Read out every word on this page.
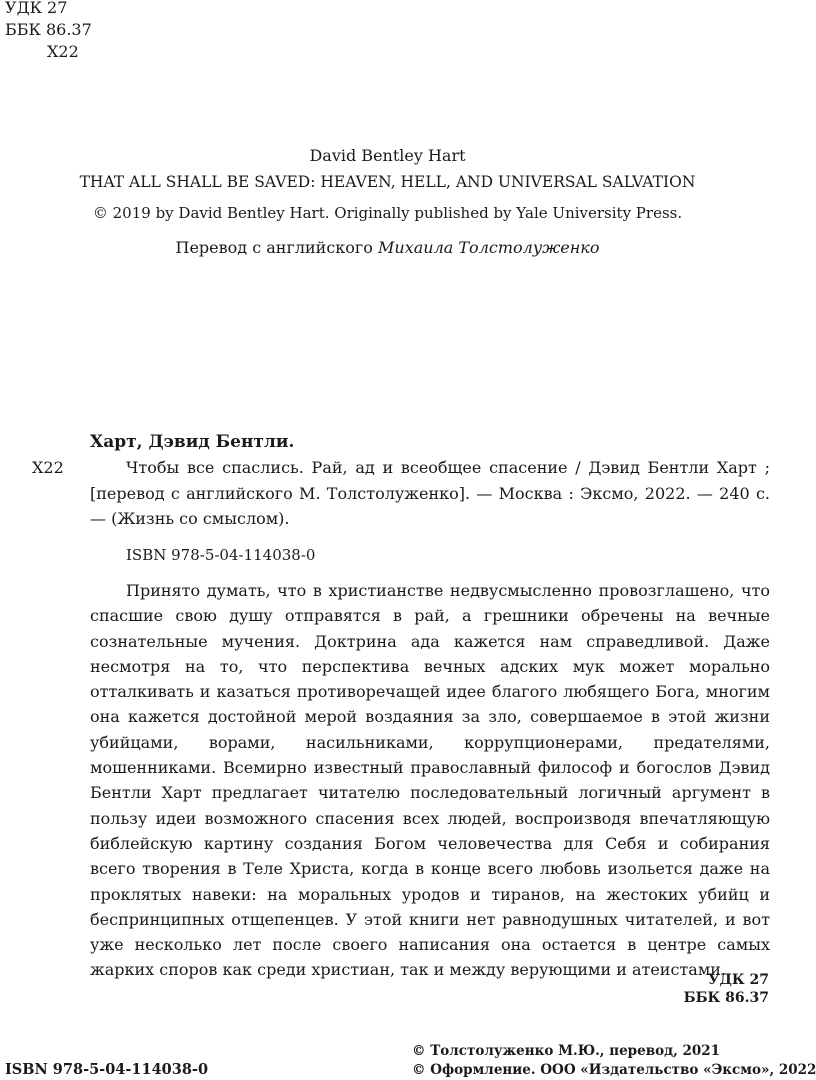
УДК 27
ББК 86.37
Х22
David Bentley Hart
THAT ALL SHALL BE SAVED: HEAVEN, HELL, AND UNIVERSAL SALVATION
© 2019 by David Bentley Hart. Originally published by Yale University Press.
Перевод с английского Михаила Толстолуженко
Харт, Дэвид Бентли.
Х22	Чтобы все спаслись. Рай, ад и всеобщее спасение / Дэвид Бентли Харт ; [перевод с английского М. Толстолуженко]. — Москва : Эксмо, 2022. — 240 с. — (Жизнь со смыслом).

ISBN 978-5-04-114038-0

Принято думать, что в христианстве недвусмысленно провозглашено, что спасшие свою душу отправятся в рай, а грешники обречены на вечные сознательные мучения. Доктрина ада кажется нам справедливой. Даже несмотря на то, что перспектива вечных адских мук может морально отталкивать и казаться противоречащей идее благого любящего Бога, многим она кажется достойной мерой воздаяния за зло, совершаемое в этой жизни убийцами, ворами, насильниками, коррупционерами, предателями, мошенниками. Всемирно известный православный философ и богослов Дэвид Бентли Харт предлагает читателю последовательный логичный аргумент в пользу идеи возможного спасения всех людей, воспроизводя впечатляющую библейскую картину создания Богом человечества для Себя и собирания всего творения в Теле Христа, когда в конце всего любовь изольется даже на проклятых навеки: на моральных уродов и тиранов, на жестоких убийц и беспринципных отщепенцев. У этой книги нет равнодушных читателей, и вот уже несколько лет после своего написания она остается в центре самых жарких споров как среди христиан, так и между верующими и атеистами.

УДК 27
ББК 86.37
ISBN 978-5-04-114038-0
© Толстолуженко М.Ю., перевод, 2021
© Оформление. ООО «Издательство «Эксмо», 2022
